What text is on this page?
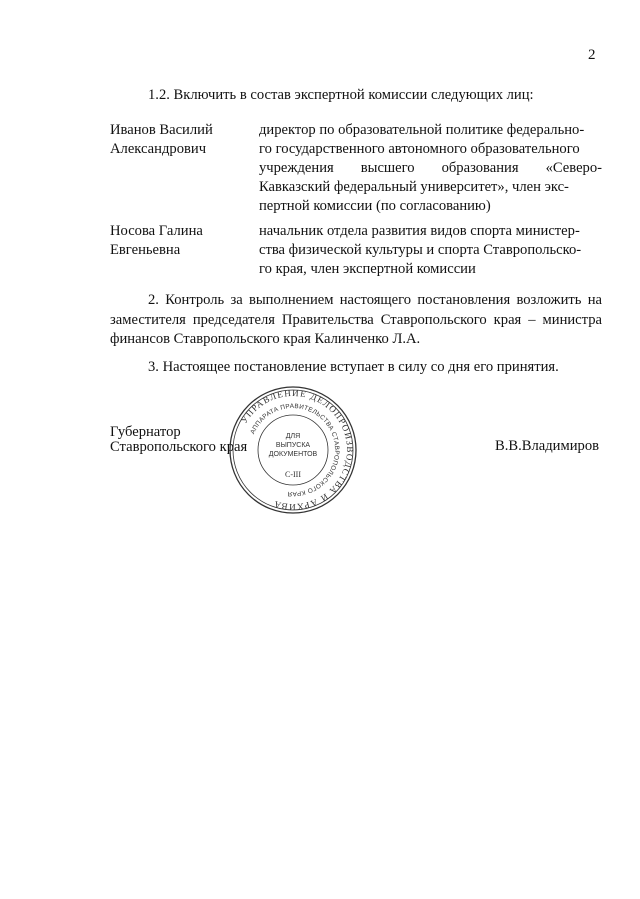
2
1.2. Включить в состав экспертной комиссии следующих лиц:
Иванов Василий
Александрович
директор по образовательной политике федерально-
го государственного автономного образовательного
учреждения высшего образования «Северо-
Кавказский федеральный университет», член экс-
пертной комиссии (по согласованию)
Носова Галина
Евгеньевна
начальник отдела развития видов спорта министер-
ства физической культуры и спорта Ставропольско-
го края, член экспертной комиссии
2. Контроль за выполнением настоящего постановления возложить на
заместителя председателя Правительства Ставропольского края – министра
финансов Ставропольского края Калинченко Л.А.
3. Настоящее постановление вступает в силу со дня его принятия.
Губернатор
Ставропольского края	В.В.Владимиров
УПРАВЛЕНИЕ ДЕЛОПРОИЗВОДСТВА И АРХИВА
АППАРАТА ПРАВИТЕЛЬСТВА СТАВРОПОЛЬСКОГО КРАЯ
ДЛЯ
ВЫПУСКА
ДОКУМЕНТОВ
С-III
